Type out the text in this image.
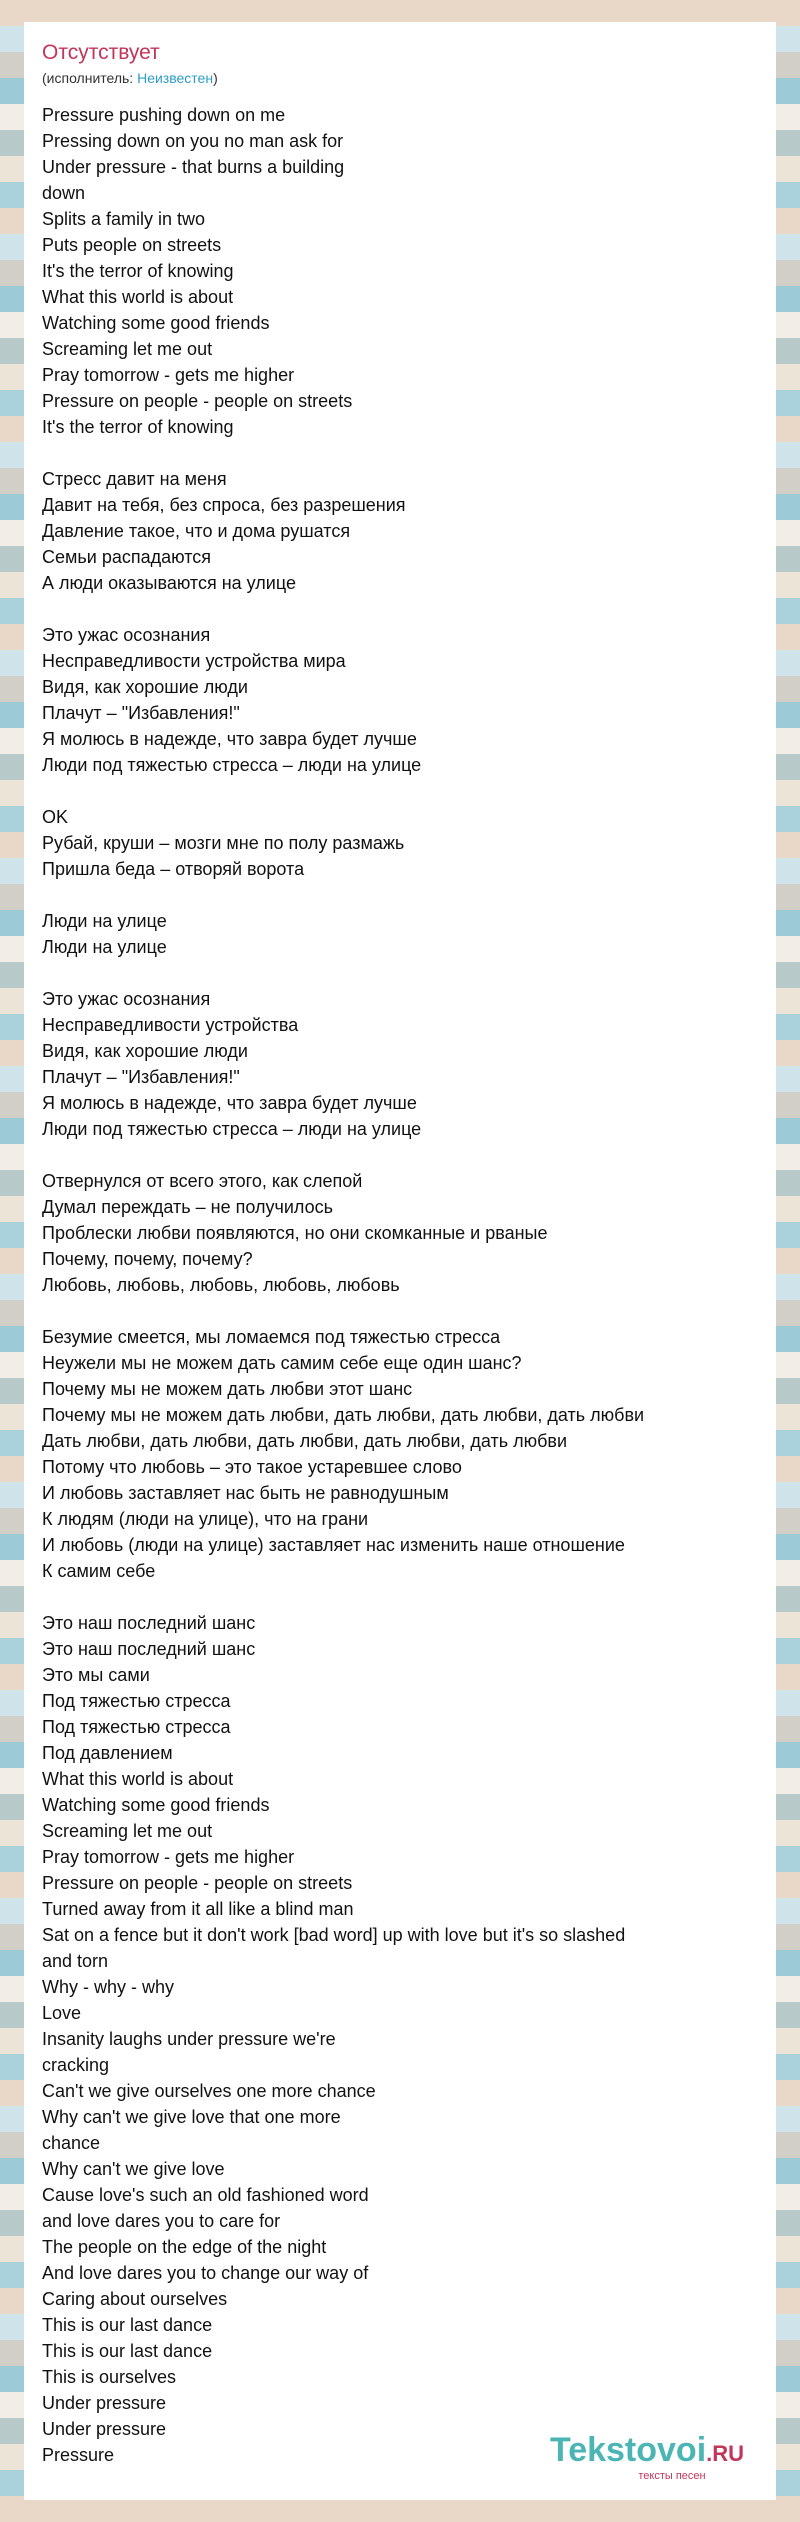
Отсутствует
(исполнитель: Неизвестен)
Pressure pushing down on me
Pressing down on you no man ask for
Under pressure - that burns a building
down
Splits a family in two
Puts people on streets
It's the terror of knowing
What this world is about
Watching some good friends
Screaming let me out
Pray tomorrow - gets me higher
Pressure on people - people on streets
It's the terror of knowing
Стресс давит на меня
Давит на тебя, без спроса, без разрешения
Давление такое, что и дома рушатся
Семьи распадаются
А люди оказываются на улице
Это ужас осознания
Несправедливости устройства мира
Видя, как хорошие люди
Плачут – "Избавления!"
Я молюсь в надежде, что завра будет лучше
Люди под тяжестью стресса – люди на улице
OK
Рубай, круши – мозги мне по полу размажь
Пришла беда – отворяй ворота
Люди на улице
Люди на улице
Это ужас осознания
Несправедливости устройства
Видя, как хорошие люди
Плачут – "Избавления!"
Я молюсь в надежде, что завра будет лучше
Люди под тяжестью стресса – люди на улице
Отвернулся от всего этого, как слепой
Думал переждать – не получилось
Проблески любви появляются, но они скомканные и рваные
Почему, почему, почему?
Любовь, любовь, любовь, любовь, любовь
Безумие смеется, мы ломаемся под тяжестью стресса
Неужели мы не можем дать самим себе еще один шанс?
Почему мы не можем дать любви этот шанс
Почему мы не можем дать любви, дать любви, дать любви, дать любви
Дать любви, дать любви, дать любви, дать любви, дать любви
Потому что любовь – это такое устаревшее слово
И любовь заставляет нас быть не равнодушным
К людям (люди на улице), что на грани
И любовь (люди на улице) заставляет нас изменить наше отношение
К самим себе
Это наш последний шанс
Это наш последний шанс
Это мы сами
Под тяжестью стресса
Под тяжестью стресса
Под давлением
What this world is about
Watching some good friends
Screaming let me out
Pray tomorrow - gets me higher
Pressure on people - people on streets
Turned away from it all like a blind man
Sat on a fence but it don't work [bad word] up with love but it's so slashed
and torn
Why - why - why
Love
Insanity laughs under pressure we're
cracking
Can't we give ourselves one more chance
Why can't we give love that one more
chance
Why can't we give love
Cause love's such an old fashioned word
and love dares you to care for
The people on the edge of the night
And love dares you to change our way of
Caring about ourselves
This is our last dance
This is our last dance
This is ourselves
Under pressure
Under pressure
Pressure	Tekstovoi.RU
тексты песен
